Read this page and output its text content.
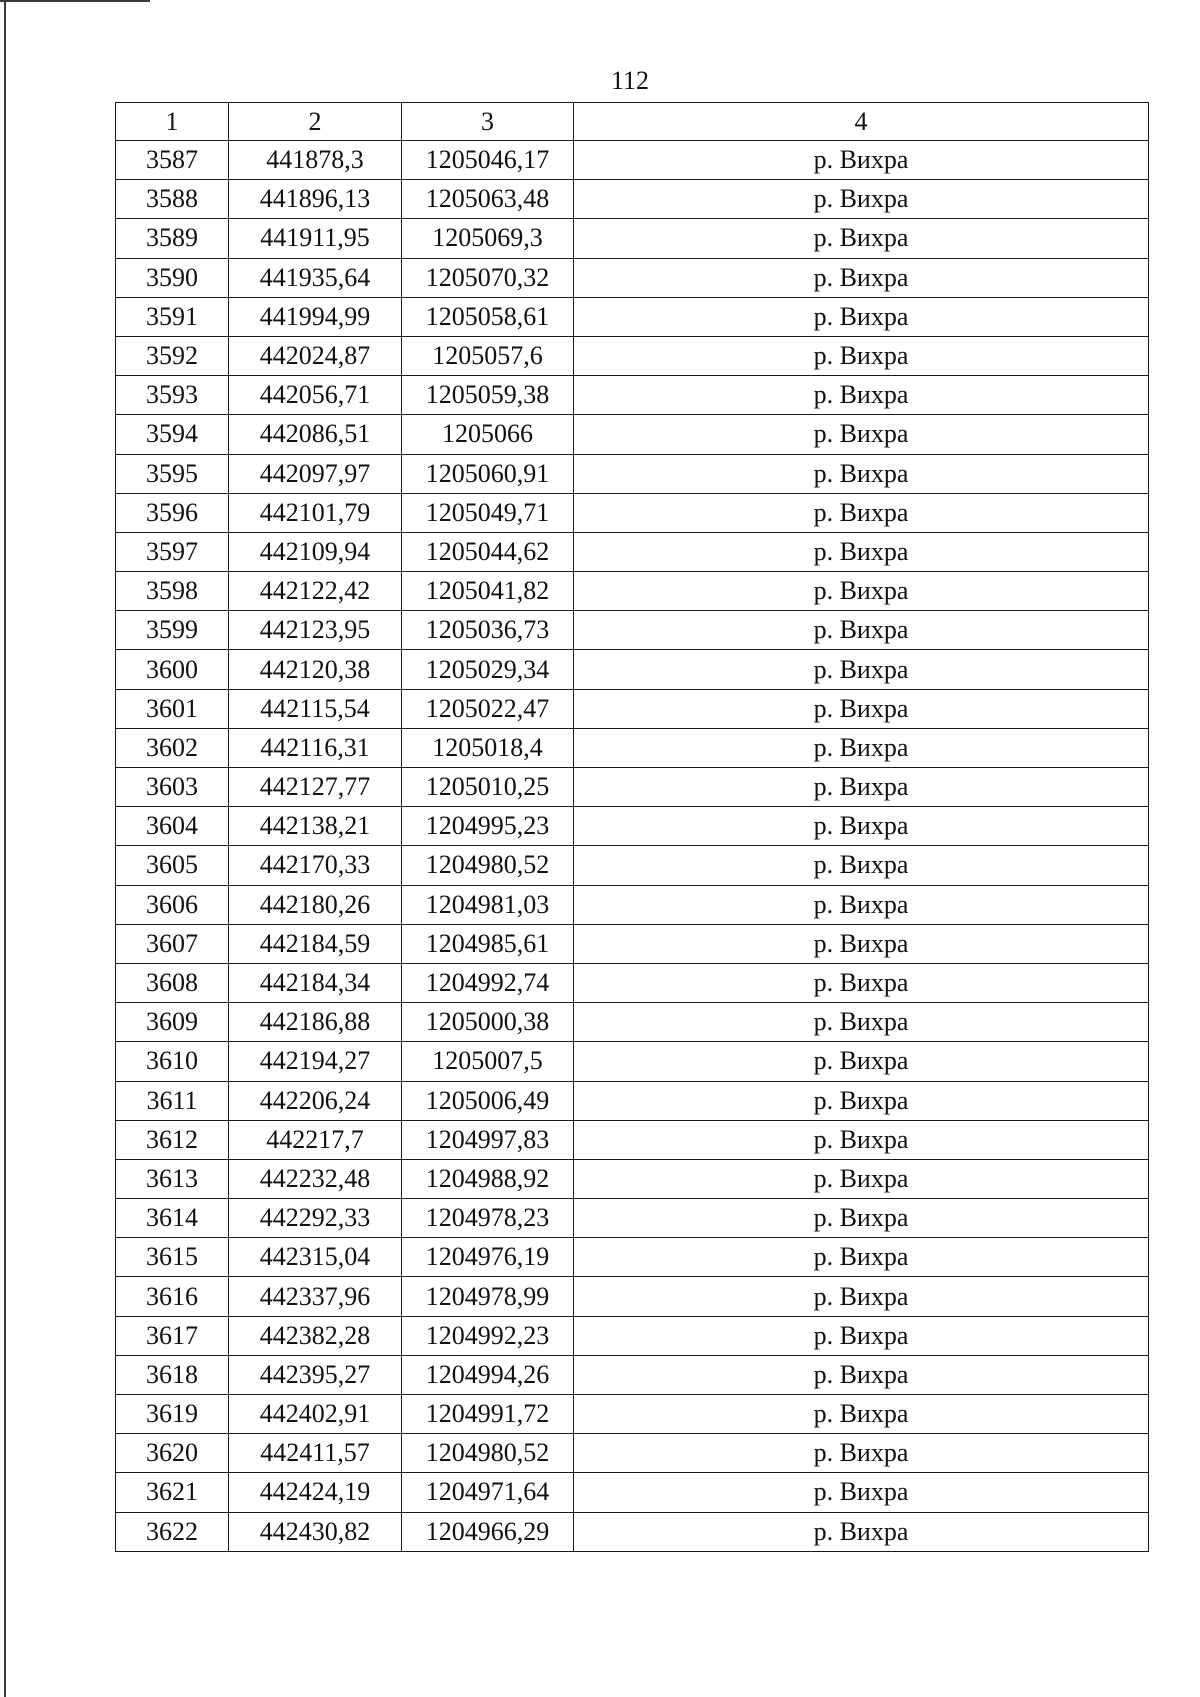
112
1	2	3	4
3587	441878,3	1205046,17	р. Вихра
3588	441896,13	1205063,48	р. Вихра
3589	441911,95	1205069,3	р. Вихра
3590	441935,64	1205070,32	р. Вихра
3591	441994,99	1205058,61	р. Вихра
3592	442024,87	1205057,6	р. Вихра
3593	442056,71	1205059,38	р. Вихра
3594	442086,51	1205066	р. Вихра
3595	442097,97	1205060,91	р. Вихра
3596	442101,79	1205049,71	р. Вихра
3597	442109,94	1205044,62	р. Вихра
3598	442122,42	1205041,82	р. Вихра
3599	442123,95	1205036,73	р. Вихра
3600	442120,38	1205029,34	р. Вихра
3601	442115,54	1205022,47	р. Вихра
3602	442116,31	1205018,4	р. Вихра
3603	442127,77	1205010,25	р. Вихра
3604	442138,21	1204995,23	р. Вихра
3605	442170,33	1204980,52	р. Вихра
3606	442180,26	1204981,03	р. Вихра
3607	442184,59	1204985,61	р. Вихра
3608	442184,34	1204992,74	р. Вихра
3609	442186,88	1205000,38	р. Вихра
3610	442194,27	1205007,5	р. Вихра
3611	442206,24	1205006,49	р. Вихра
3612	442217,7	1204997,83	р. Вихра
3613	442232,48	1204988,92	р. Вихра
3614	442292,33	1204978,23	р. Вихра
3615	442315,04	1204976,19	р. Вихра
3616	442337,96	1204978,99	р. Вихра
3617	442382,28	1204992,23	р. Вихра
3618	442395,27	1204994,26	р. Вихра
3619	442402,91	1204991,72	р. Вихра
3620	442411,57	1204980,52	р. Вихра
3621	442424,19	1204971,64	р. Вихра
3622	442430,82	1204966,29	р. Вихра
